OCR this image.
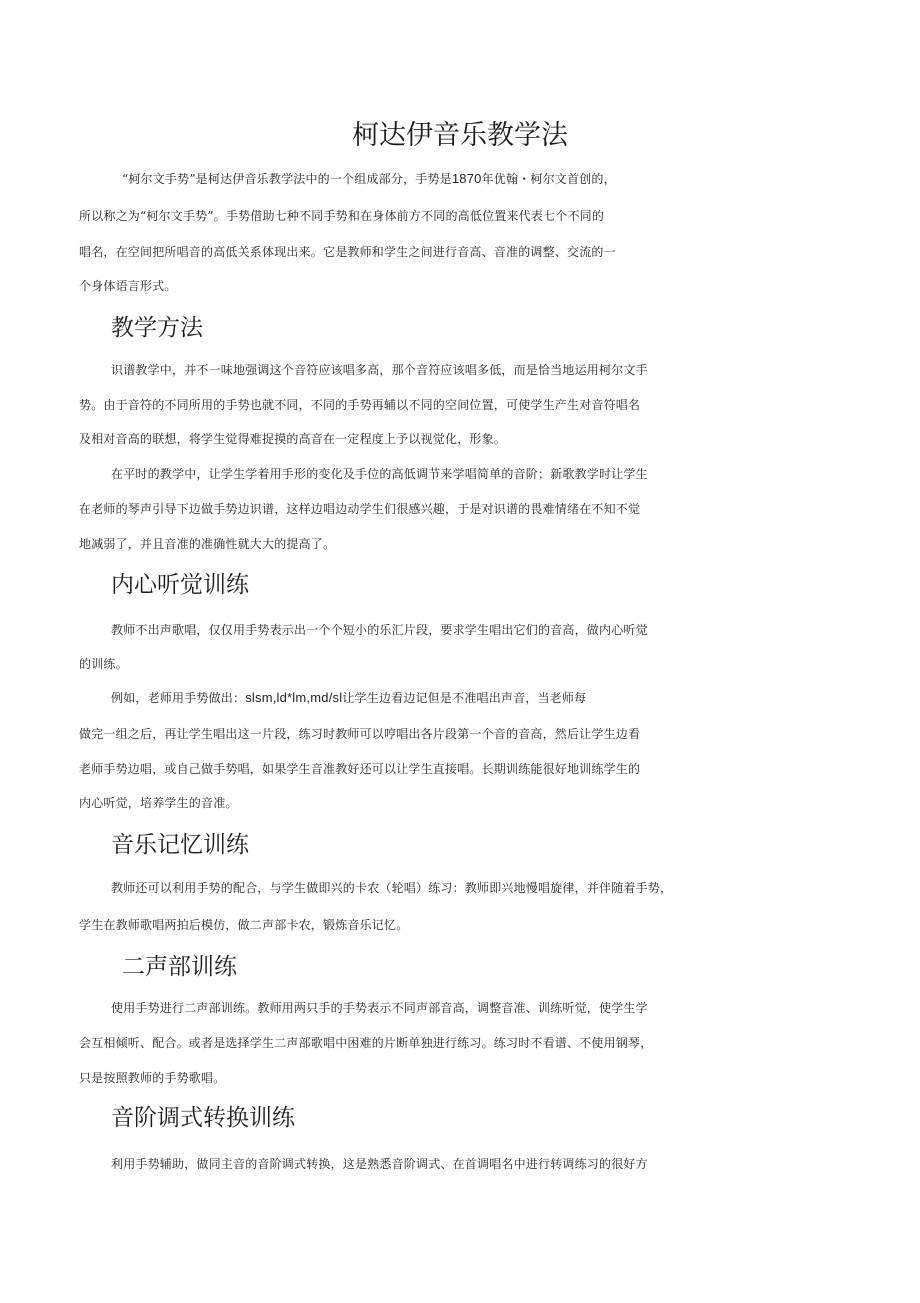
柯达伊音乐教学法
“柯尔文手势”是柯达伊音乐教学法中的一个组成部分，手势是1870年优翰・柯尔文首创的，
所以称之为“柯尔文手势”。手势借助七种不同手势和在身体前方不同的高低位置来代表七个不同的
唱名，在空间把所唱音的高低关系体现出来。它是教师和学生之间进行音高、音准的调整、交流的一
个身体语言形式。
教学方法
识谱教学中，并不一味地强调这个音符应该唱多高，那个音符应该唱多低，而是恰当地运用柯尔文手
势。由于音符的不同所用的手势也就不同，不同的手势再辅以不同的空间位置，可使学生产生对音符唱名
及相对音高的联想，将学生觉得难捉摸的高音在一定程度上予以视觉化，形象。
在平时的教学中，让学生学着用手形的变化及手位的高低调节来学唱简单的音阶；新歌教学时让学生
在老师的琴声引导下边做手势边识谱，这样边唱边动学生们很感兴趣，于是对识谱的畏难情绪在不知不觉
地减弱了，并且音准的准确性就大大的提高了。
内心听觉训练
教师不出声歌唱，仅仅用手势表示出一个个短小的乐汇片段，要求学生唱出它们的音高，做内心听觉
的训练。
例如，老师用手势做出：slsm,ld*lm,md/sl让学生边看边记但是不准唱出声音，当老师每
做完一组之后，再让学生唱出这一片段，练习时教师可以哼唱出各片段第一个音的音高，然后让学生边看
老师手势边唱，或自己做手势唱，如果学生音准教好还可以让学生直接唱。长期训练能很好地训练学生的
内心听觉，培养学生的音准。
音乐记忆训练
教师还可以利用手势的配合，与学生做即兴的卡农（轮唱）练习：教师即兴地慢唱旋律，并伴随着手势，
学生在教师歌唱两拍后模仿，做二声部卡农，锻炼音乐记忆。
二声部训练
使用手势进行二声部训练。教师用两只手的手势表示不同声部音高，调整音准、训练听觉，使学生学
会互相倾听、配合。或者是选择学生二声部歌唱中困难的片断单独进行练习。练习时不看谱、不使用钢琴，
只是按照教师的手势歌唱。
音阶调式转换训练
利用手势辅助，做同主音的音阶调式转换，这是熟悉音阶调式、在首调唱名中进行转调练习的很好方
